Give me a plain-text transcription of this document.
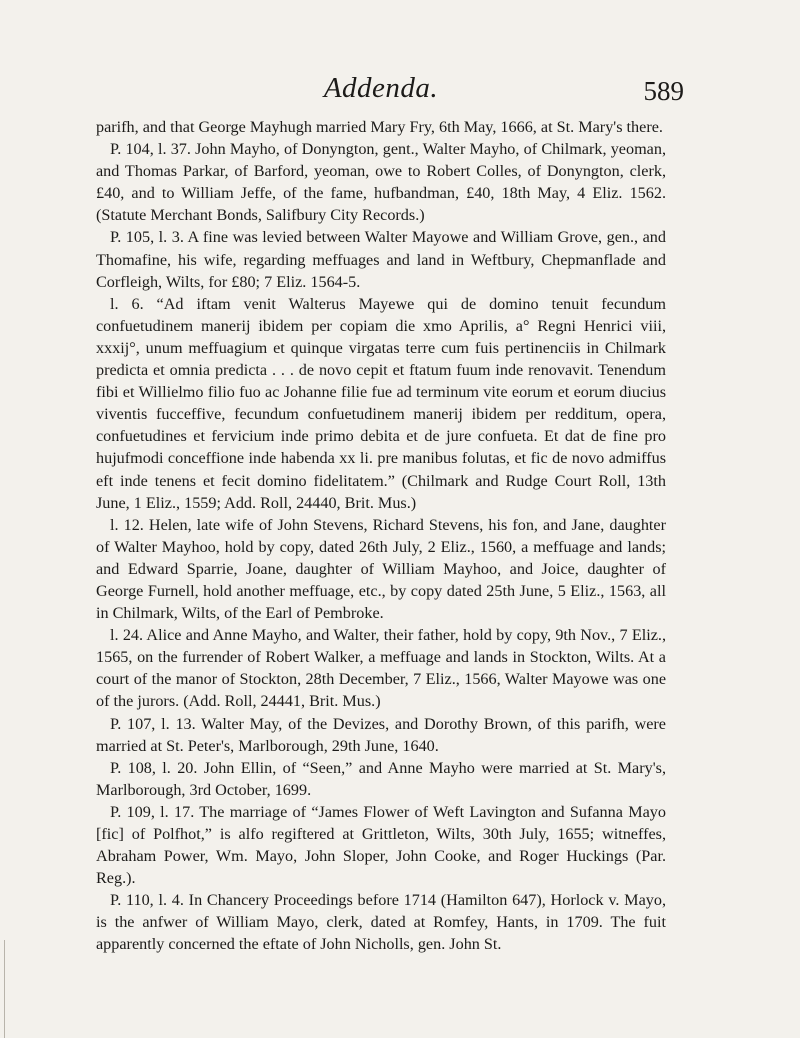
Addenda.	589

parifh, and that George Mayhugh married Mary Fry, 6th May, 1666, at St. Mary's there.

P. 104, l. 37. John Mayho, of Donyngton, gent., Walter Mayho, of Chilmark, yeoman, and Thomas Parkar, of Barford, yeoman, owe to Robert Colles, of Donyngton, clerk, £40, and to William Jeffe, of the fame, hufbandman, £40, 18th May, 4 Eliz. 1562. (Statute Merchant Bonds, Salifbury City Records.)

P. 105, l. 3. A fine was levied between Walter Mayowe and William Grove, gen., and Thomafine, his wife, regarding meffuages and land in Weftbury, Chepmanflade and Corfleigh, Wilts, for £80; 7 Eliz. 1564-5.

l. 6. “Ad iftam venit Walterus Mayewe qui de domino tenuit fecundum confuetudinem manerij ibidem per copiam die xmo Aprilis, a° Regni Henrici viii, xxxij°, unum meffuagium et quinque virgatas terre cum fuis pertinenciis in Chilmark predicta et omnia predicta . . . de novo cepit et ftatum fuum inde renovavit. Tenendum fibi et Willielmo filio fuo ac Johanne filie fue ad terminum vite eorum et eorum diucius viventis fucceffive, fecundum confuetudinem manerij ibidem per redditum, opera, confuetudines et fervicium inde primo debita et de jure confueta. Et dat de fine pro hujufmodi conceffione inde habenda xx li. pre manibus folutas, et fic de novo admiffus eft inde tenens et fecit domino fidelitatem.” (Chilmark and Rudge Court Roll, 13th June, 1 Eliz., 1559; Add. Roll, 24440, Brit. Mus.)

l. 12. Helen, late wife of John Stevens, Richard Stevens, his fon, and Jane, daughter of Walter Mayhoo, hold by copy, dated 26th July, 2 Eliz., 1560, a meffuage and lands; and Edward Sparrie, Joane, daughter of William Mayhoo, and Joice, daughter of George Furnell, hold another meffuage, etc., by copy dated 25th June, 5 Eliz., 1563, all in Chilmark, Wilts, of the Earl of Pembroke.

l. 24. Alice and Anne Mayho, and Walter, their father, hold by copy, 9th Nov., 7 Eliz., 1565, on the furrender of Robert Walker, a meffuage and lands in Stockton, Wilts. At a court of the manor of Stockton, 28th December, 7 Eliz., 1566, Walter Mayowe was one of the jurors. (Add. Roll, 24441, Brit. Mus.)

P. 107, l. 13. Walter May, of the Devizes, and Dorothy Brown, of this parifh, were married at St. Peter's, Marlborough, 29th June, 1640.

P. 108, l. 20. John Ellin, of “Seen,” and Anne Mayho were married at St. Mary's, Marlborough, 3rd October, 1699.

P. 109, l. 17. The marriage of “James Flower of Weft Lavington and Sufanna Mayo [fic] of Polfhot,” is alfo regiftered at Grittleton, Wilts, 30th July, 1655; witneffes, Abraham Power, Wm. Mayo, John Sloper, John Cooke, and Roger Huckings (Par. Reg.).

P. 110, l. 4. In Chancery Proceedings before 1714 (Hamilton 647), Horlock v. Mayo, is the anfwer of William Mayo, clerk, dated at Romfey, Hants, in 1709. The fuit apparently concerned the eftate of John Nicholls, gen. John St.
